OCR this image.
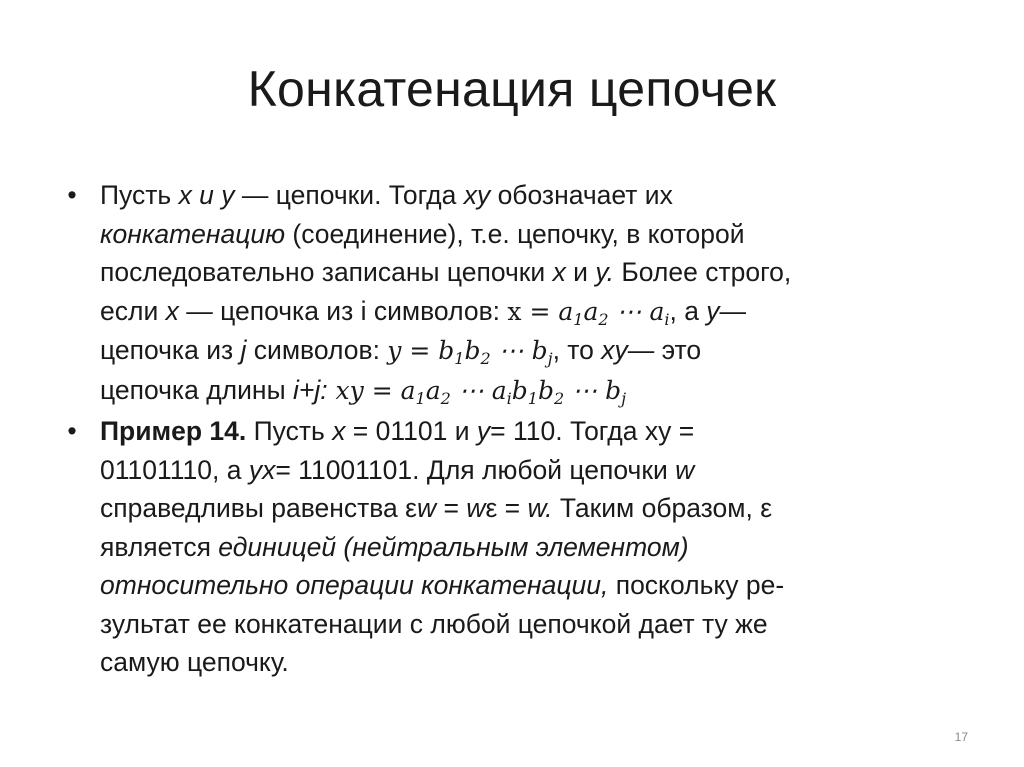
Конкатенация цепочек
• Пусть x и y — цепочки. Тогда xy обозначает их
конкатенацию (соединение), т.е. цепочку, в которой
последовательно записаны цепочки x и y. Более строго,
если x — цепочка из i символов: $x = a_1a_2$ ⋯ $a_i$, а y—
цепочка из j символов: $y = b_1b_2$ ⋯ $b_j$, то xy— это
цепочка длины i+j: xy = $a_1a_2$ ⋯ $a_ib_1b_2$ ⋯ $b_j$
• Пример 14. Пусть x = 01101 и y= 110. Тогда xy =
01101110, а yx= 11001101. Для любой цепочки w
справедливы равенства εw = wε = w. Таким образом, ε
является единицей (нейтральным элементом)
относительно операции конкатенации, поскольку ре-
зультат ее конкатенации с любой цепочкой дает ту же
самую цепочку.
17
